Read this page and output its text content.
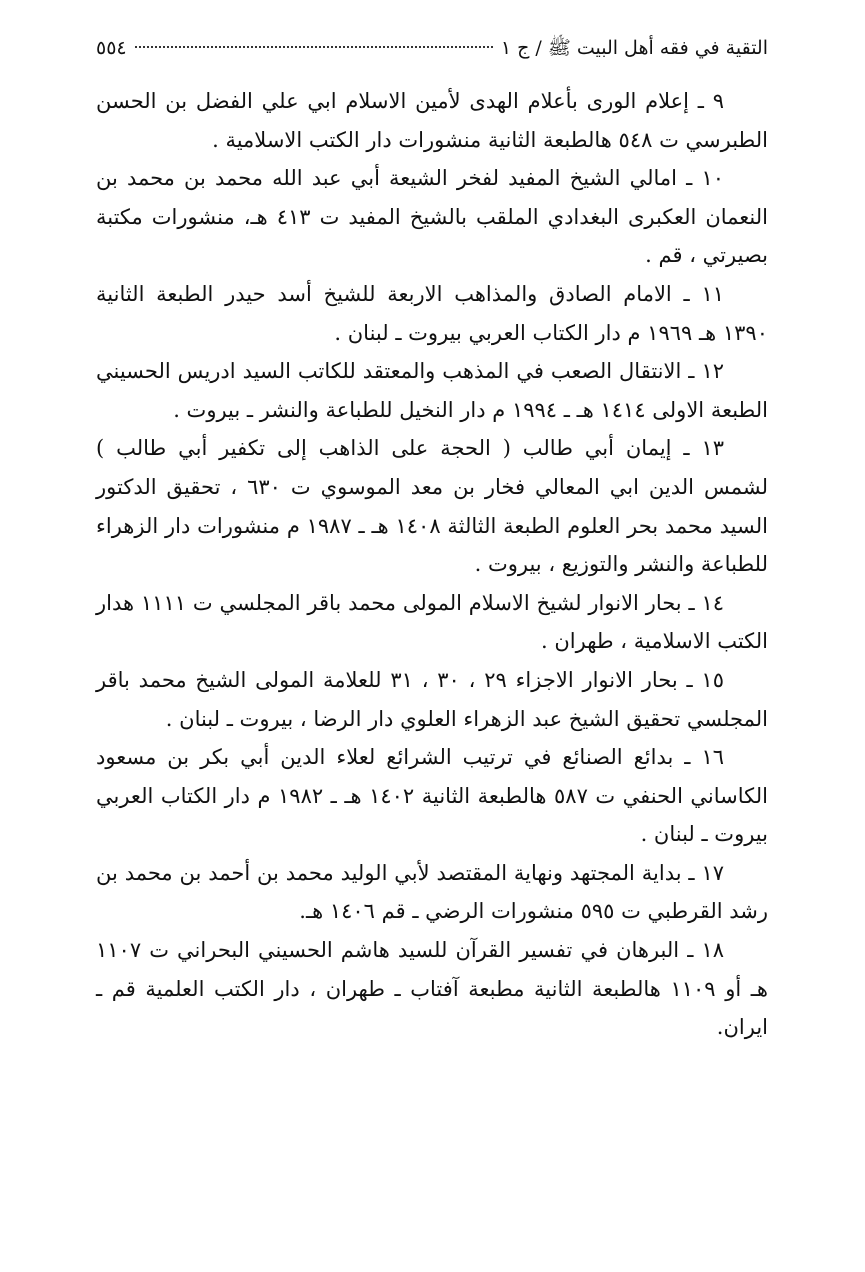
التقية في فقه أهل البيت ﷺ / ج ١
٥٥٤

٩ ـ إعلام الورى بأعلام الهدى لأمين الاسلام ابي علي الفضل بن الحسن الطبرسي ت ٥٤٨ هالطبعة الثانية منشورات دار الكتب الاسلامية .

١٠ ـ امالي الشيخ المفيد لفخر الشيعة أبي عبد الله محمد بن محمد بن النعمان العكبرى البغدادي الملقب بالشيخ المفيد ت ٤١٣ هـ، منشورات مكتبة بصيرتي ، قم .

١١ ـ الامام الصادق والمذاهب الاربعة للشيخ أسد حيدر الطبعة الثانية ١٣٩٠ هـ ١٩٦٩ م دار الكتاب العربي بيروت ـ لبنان .

١٢ ـ الانتقال الصعب في المذهب والمعتقد للكاتب السيد ادريس الحسيني الطبعة الاولى ١٤١٤ هـ ـ ١٩٩٤ م دار النخيل للطباعة والنشر ـ بيروت .

١٣ ـ إيمان أبي طالب ( الحجة على الذاهب إلى تكفير أبي طالب ) لشمس الدين ابي المعالي فخار بن معد الموسوي ت ٦٣٠ ، تحقيق الدكتور السيد محمد بحر العلوم الطبعة الثالثة ١٤٠٨ هـ ـ ١٩٨٧ م منشورات دار الزهراء للطباعة والنشر والتوزيع ، بيروت .

١٤ ـ بحار الانوار لشيخ الاسلام المولى محمد باقر المجلسي ت ١١١١ هدار الكتب الاسلامية ، طهران .

١٥ ـ بحار الانوار الاجزاء ٢٩ ، ٣٠ ، ٣١ للعلامة المولى الشيخ محمد باقر المجلسي تحقيق الشيخ عبد الزهراء العلوي دار الرضا ، بيروت ـ لبنان .

١٦ ـ بدائع الصنائع في ترتيب الشرائع لعلاء الدين أبي بكر بن مسعود الكاساني الحنفي ت ٥٨٧ هالطبعة الثانية ١٤٠٢ هـ ـ ١٩٨٢ م دار الكتاب العربي بيروت ـ لبنان .

١٧ ـ بداية المجتهد ونهاية المقتصد لأبي الوليد محمد بن أحمد بن محمد بن رشد القرطبي ت ٥٩٥ منشورات الرضي ـ قم ١٤٠٦ هـ.

١٨ ـ البرهان في تفسير القرآن للسيد هاشم الحسيني البحراني ت ١١٠٧ هـ أو ١١٠٩ هالطبعة الثانية مطبعة آفتاب ـ طهران ، دار الكتب العلمية قم ـ ايران.
